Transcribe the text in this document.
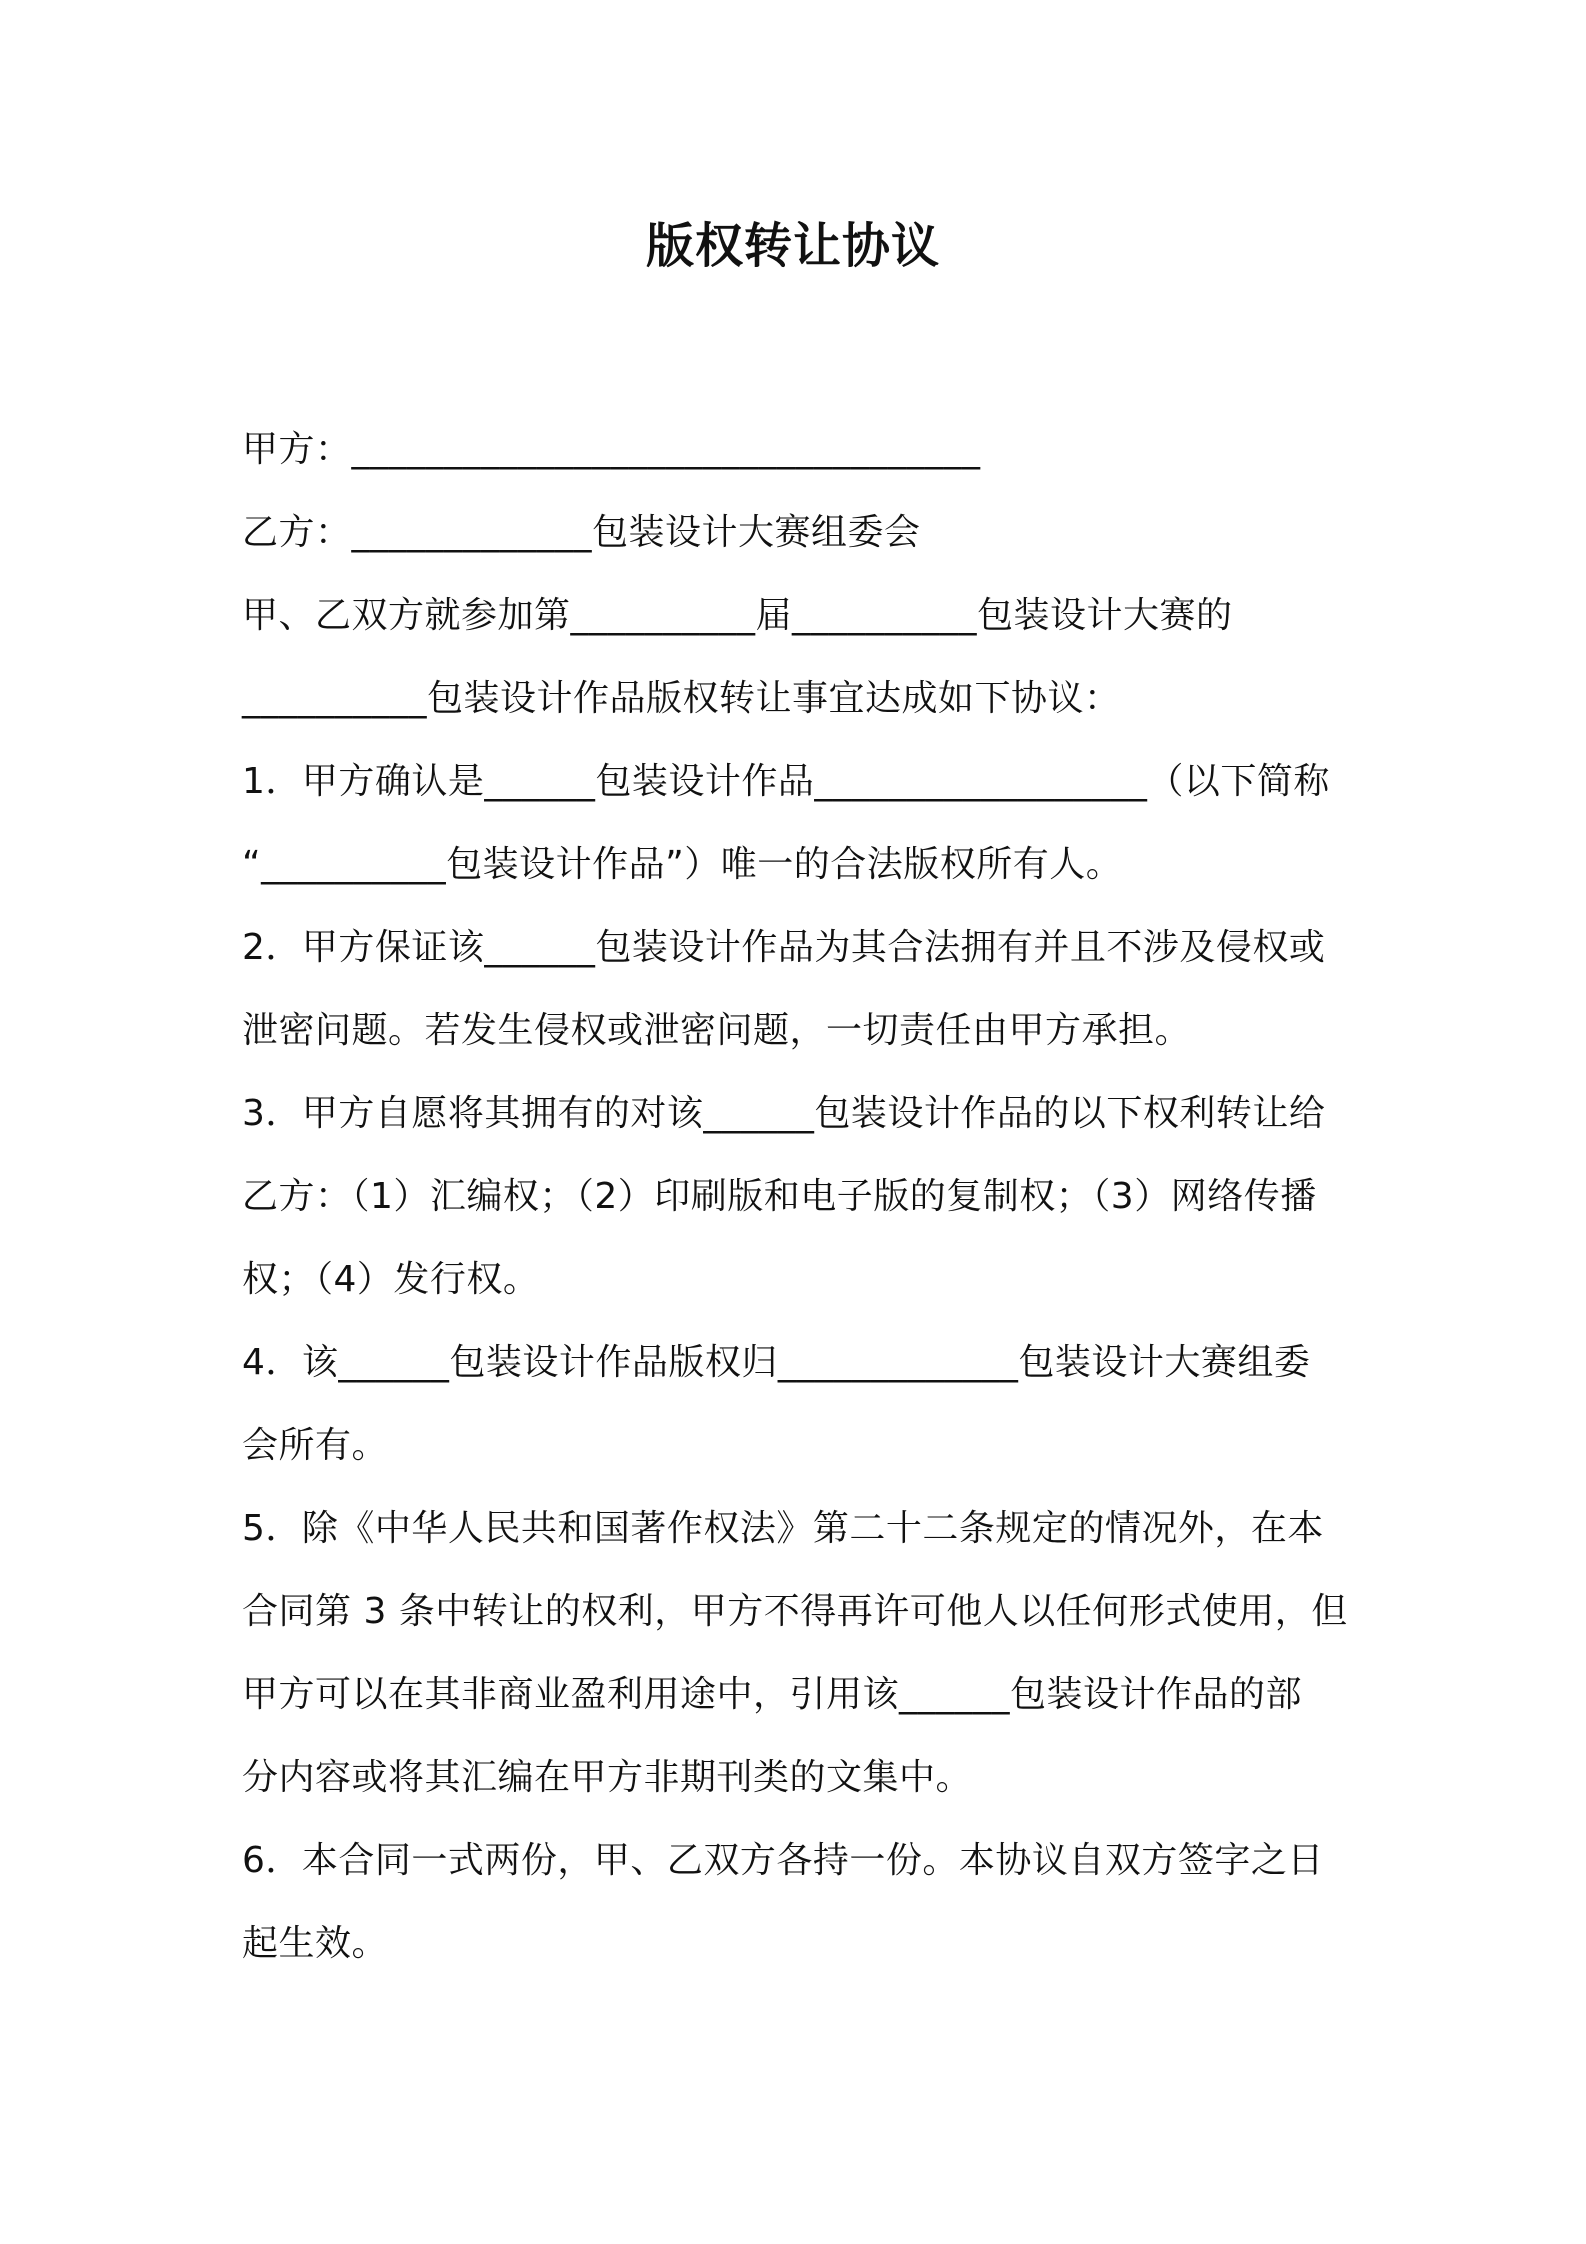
版权转让协议
甲方：__________________________________
乙方：_____________包装设计大赛组委会
甲、乙双方就参加第__________届__________包装设计大赛的
__________包装设计作品版权转让事宜达成如下协议：
1．甲方确认是______包装设计作品__________________（以下简称
“__________包装设计作品”）唯一的合法版权所有人。
2．甲方保证该______包装设计作品为其合法拥有并且不涉及侵权或
泄密问题。若发生侵权或泄密问题，一切责任由甲方承担。
3．甲方自愿将其拥有的对该______包装设计作品的以下权利转让给
乙方：（1）汇编权；（2）印刷版和电子版的复制权；（3）网络传播
权；（4）发行权。
4．该______包装设计作品版权归_____________包装设计大赛组委
会所有。
5．除《中华人民共和国著作权法》第二十二条规定的情况外，在本
合同第 3 条中转让的权利，甲方不得再许可他人以任何形式使用，但
甲方可以在其非商业盈利用途中，引用该______包装设计作品的部
分内容或将其汇编在甲方非期刊类的文集中。
6．本合同一式两份，甲、乙双方各持一份。本协议自双方签字之日
起生效。
